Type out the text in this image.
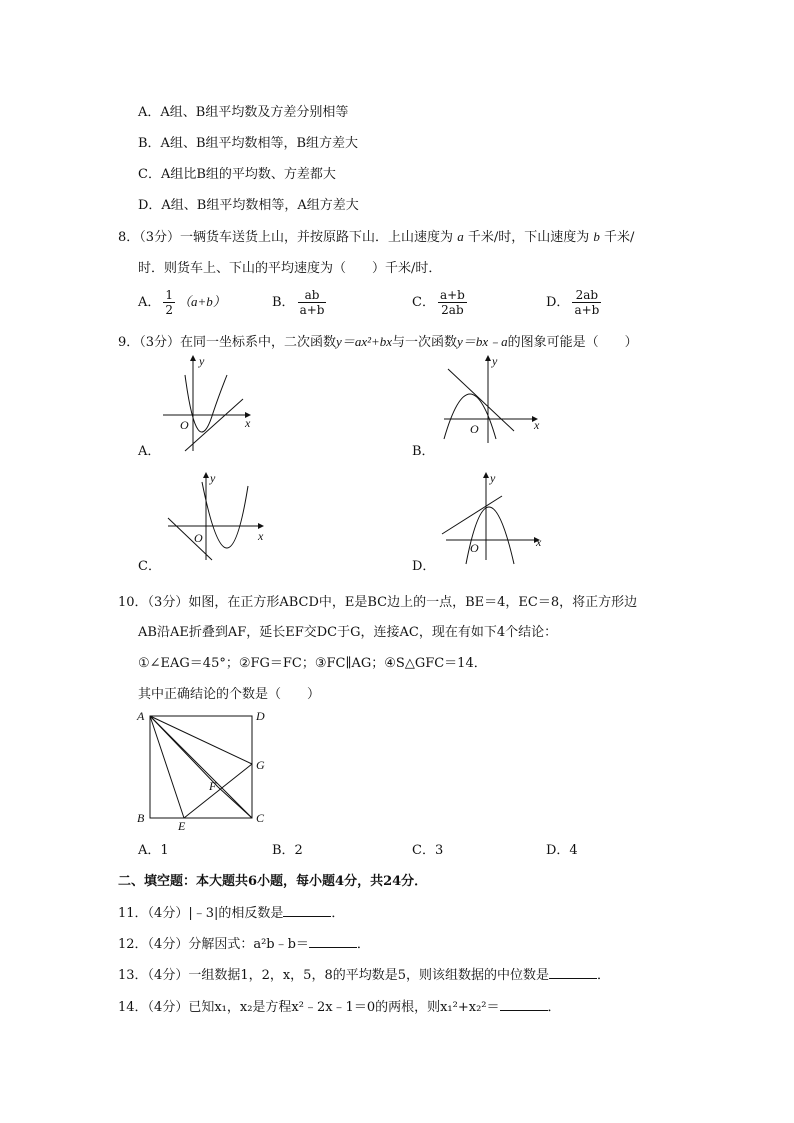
A．A组、B组平均数及方差分别相等
B．A组、B组平均数相等，B组方差大
C．A组比B组的平均数、方差都大
D．A组、B组平均数相等，A组方差大
8．（3分）一辆货车送货上山，并按原路下山．上山速度为 a 千米/时，下山速度为 b 千米/
时．则货车上、下山的平均速度为（　　）千米/时．
A． $\frac{1}{2} (a+b)$	B． $\frac{ab}{a+b}$	C． $\frac{a+b}{2ab}$	D． $\frac{2ab}{a+b}$
9．（3分）在同一坐标系中，二次函数y＝ax²+bx与一次函数y＝bx﹣a的图象可能是（　　）
x
y
O
A．
x
y
O
B．
x
y
O
C．
x
y
O
D．
10．（3分）如图，在正方形ABCD中，E是BC边上的一点，BE＝4，EC＝8，将正方形边
AB沿AE折叠到AF，延长EF交DC于G，连接AC，现在有如下4个结论：
①∠EAG＝45°；②FG＝FC；③FC∥AG；④S△GFC＝14．
其中正确结论的个数是（　　）
A	D
B	C
E
F
G
A．1	B．2	C．3	D．4
二、填空题：本大题共6小题，每小题4分，共24分．
11．（4分）|﹣3|的相反数是	．
12．（4分）分解因式：a²b﹣b＝	．
13．（4分）一组数据1，2，x，5，8的平均数是5，则该组数据的中位数是	．
14．（4分）已知x₁，x₂是方程x²﹣2x﹣1＝0的两根，则x₁²+x₂²＝	．
